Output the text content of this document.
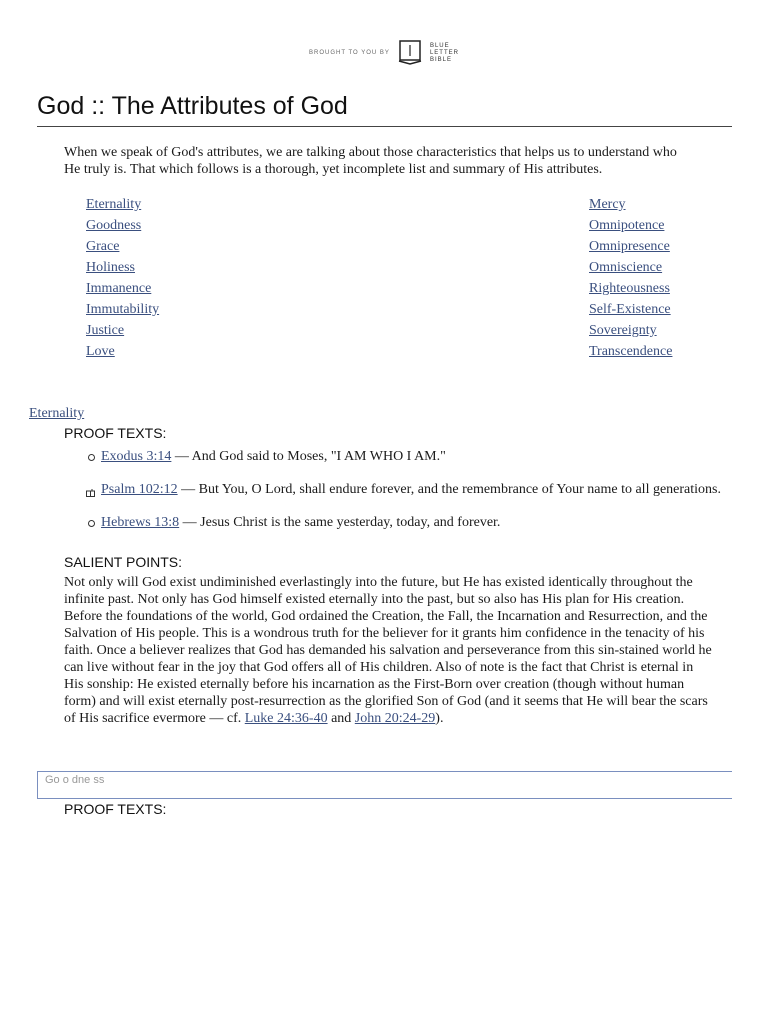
BROUGHT TO YOU BY
BLUE
LETTER
BIBLE
God :: The Attributes of God

When we speak of God's attributes, we are talking about those characteristics that helps us to understand who He truly is. That which follows is a thorough, yet incomplete list and summary of His attributes.

Eternality
Goodness
Grace
Holiness
Immanence
Immutability
Justice
Love
Mercy
Omnipotence
Omnipresence
Omniscience
Righteousness
Self-Existence
Sovereignty
Transcendence
Eternality
PROOF TEXTS:
Exodus 3:14 — And God said to Moses, "I AM WHO I AM."
Psalm 102:12 — But You, O Lord, shall endure forever, and the remembrance of Your name to all generations.
Hebrews 13:8 — Jesus Christ is the same yesterday, today, and forever.
SALIENT POINTS:

Not only will God exist undiminished everlastingly into the future, but He has existed identically throughout the infinite past. Not only has God himself existed eternally into the past, but so also has His plan for His creation. Before the foundations of the world, God ordained the Creation, the Fall, the Incarnation and Resurrection, and the Salvation of His people. This is a wondrous truth for the believer for it grants him confidence in the tenacity of his faith. Once a believer realizes that God has demanded his salvation and perseverance from this sin-stained world he can live without fear in the joy that God offers all of His children. Also of note is the fact that Christ is eternal in His sonship: He existed eternally before his incarnation as the First-Born over creation (though without human form) and will exist eternally post-resurrection as the glorified Son of God (and it seems that He will bear the scars of His sacrifice evermore — cf. Luke 24:36-40 and John 20:24-29).

Go o dne ss
PROOF TEXTS:
